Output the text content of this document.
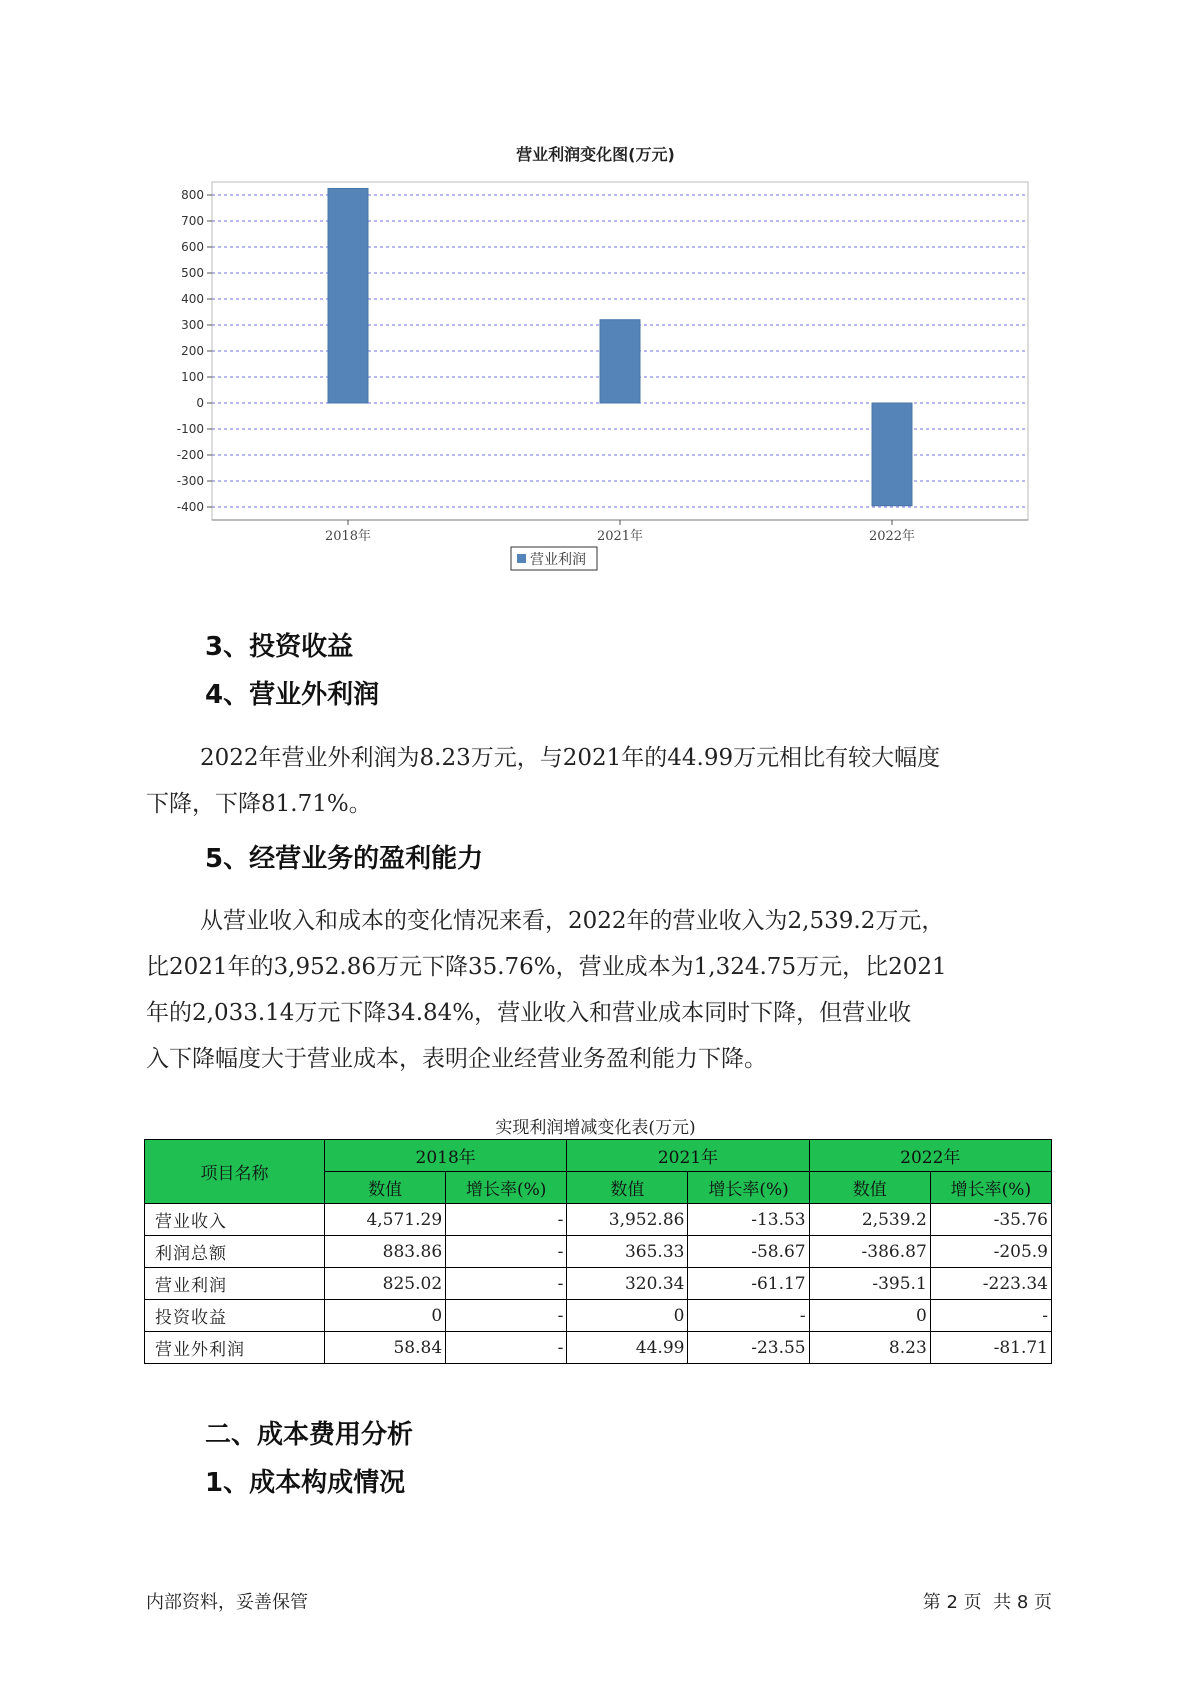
营业利润变化图(万元)
800
700
600
500
400
300
200
100
0
-100
-200
-300
-400
2018年	2021年	2022年
营业利润
3、投资收益
4、营业外利润
2022年营业外利润为8.23万元，与2021年的44.99万元相比有较大幅度
下降，下降81.71%。
5、经营业务的盈利能力
从营业收入和成本的变化情况来看，2022年的营业收入为2,539.2万元，
比2021年的3,952.86万元下降35.76%，营业成本为1,324.75万元，比2021
年的2,033.14万元下降34.84%，营业收入和营业成本同时下降，但营业收
入下降幅度大于营业成本，表明企业经营业务盈利能力下降。
实现利润增减变化表(万元)
项目名称	2018年		2021年		2022年	
	数值	增长率(%)	数值	增长率(%)	数值	增长率(%)
营业收入	4,571.29	-	3,952.86	-13.53	2,539.2	-35.76
利润总额	883.86	-	365.33	-58.67	-386.87	-205.9
营业利润	825.02	-	320.34	-61.17	-395.1	-223.34
投资收益	0	-	0	-	0	-
营业外利润	58.84	-	44.99	-23.55	8.23	-81.71
二、成本费用分析
1、成本构成情况
内部资料，妥善保管	第 2 页  共 8 页
